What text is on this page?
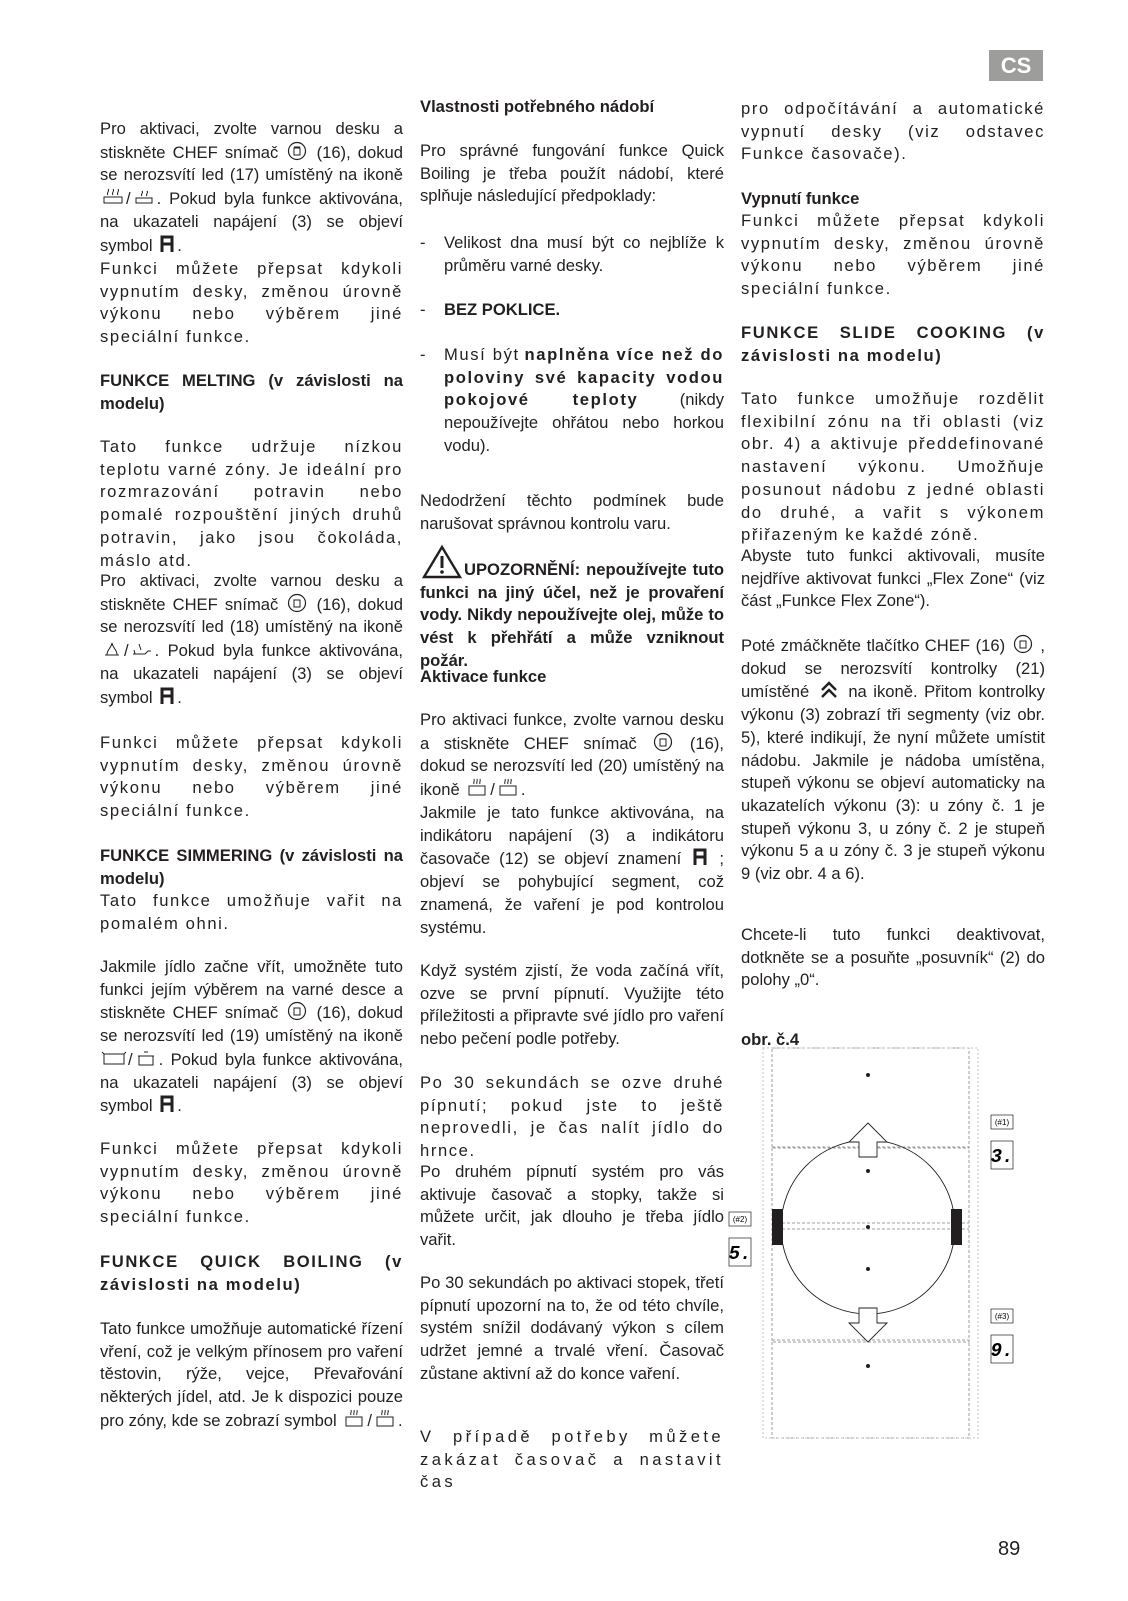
CS

Pro aktivaci, zvolte varnou desku a stiskněte CHEF snímač (16), dokud se nerozsvítí led (17) umístěný na ikoně / . Pokud byla funkce aktivována, na ukazateli napájení (3) se objeví symbol .

Funkci můžete přepsat kdykoli vypnutím desky, změnou úrovně výkonu nebo výběrem jiné speciální funkce.

FUNKCE MELTING (v závislosti na modelu)

Tato funkce udržuje nízkou teplotu varné zóny. Je ideální pro rozmrazování potravin nebo pomalé rozpouštění jiných druhů potravin, jako jsou čokoláda, máslo atd.

Pro aktivaci, zvolte varnou desku a stiskněte CHEF snímač (16), dokud se nerozsvítí led (18) umístěný na ikoně / . Pokud byla funkce aktivována, na ukazateli napájení (3) se objeví symbol .

Funkci můžete přepsat kdykoli vypnutím desky, změnou úrovně výkonu nebo výběrem jiné speciální funkce.

FUNKCE SIMMERING (v závislosti na modelu)

Tato funkce umožňuje vařit na pomalém ohni.

Jakmile jídlo začne vřít, umožněte tuto funkci jejím výběrem na varné desce a stiskněte CHEF snímač (16), dokud se nerozsvítí led (19) umístěný na ikoně / . Pokud byla funkce aktivována, na ukazateli napájení (3) se objeví symbol .

Funkci můžete přepsat kdykoli vypnutím desky, změnou úrovně výkonu nebo výběrem jiné speciální funkce.

FUNKCE QUICK BOILING (v závislosti na modelu)

Tato funkce umožňuje automatické řízení vření, což je velkým přínosem pro vaření těstovin, rýže, vejce, Převařování některých jídel, atd. Je k dispozici pouze pro zóny, kde se zobrazí symbol / .

Vlastnosti potřebného nádobí

Pro správné fungování funkce Quick Boiling je třeba použít nádobí, které splňuje následující předpoklady:

- Velikost dna musí být co nejblíže k průměru varné desky.
- BEZ POKLICE.
- Musí být naplněna více než do poloviny své kapacity vodou pokojové teploty (nikdy nepoužívejte ohřátou nebo horkou vodu).

Nedodržení těchto podmínek bude narušovat správnou kontrolu varu.

UPOZORNĚNÍ: nepoužívejte tuto funkci na jiný účel, než je provaření vody. Nikdy nepoužívejte olej, může to vést k přehřátí a může vzniknout požár.

Aktivace funkce

Pro aktivaci funkce, zvolte varnou desku a stiskněte CHEF snímač	(16), dokud se nerozsvítí led (20) umístěný na ikoně / .

Jakmile je tato funkce aktivována, na indikátoru napájení (3) a indikátoru časovače (12) se objeví znamení ; objeví se pohybující segment, což znamená, že vaření je pod kontrolou systému.

Když systém zjistí, že voda začíná vřít, ozve se první pípnutí. Využijte této příležitosti a připravte své jídlo pro vaření nebo pečení podle potřeby.

Po 30 sekundách se ozve druhé pípnutí; pokud jste to ještě neprovedli, je čas nalít jídlo do hrnce.

Po druhém pípnutí systém pro vás aktivuje časovač a stopky, takže si můžete určit, jak dlouho je třeba jídlo vařit.

Po 30 sekundách po aktivaci stopek, třetí pípnutí upozorní na to, že od této chvíle, systém snížil dodávaný výkon s cílem udržet jemné a trvalé vření. Časovač zůstane aktivní až do konce vaření.

V případě potřeby můžete zakázat časovač a nastavit čas

pro odpočítávání a automatické vypnutí desky (viz odstavec Funkce časovače).

Vypnutí funkce

Funkci můžete přepsat kdykoli vypnutím desky, změnou úrovně výkonu nebo výběrem jiné speciální funkce.

FUNKCE SLIDE COOKING (v závislosti na modelu)

Tato funkce umožňuje rozdělit flexibilní zónu na tři oblasti (viz obr. 4) a aktivuje předdefinované nastavení výkonu. Umožňuje posunout nádobu z jedné oblasti do druhé, a vařit s výkonem přiřazeným ke každé zóně.

Abyste tuto funkci aktivovali, musíte nejdříve aktivovat funkci „Flex Zone“ (viz část „Funkce Flex Zone“).

Poté zmáčkněte tlačítko CHEF (16) , dokud se nerozsvítí kontrolky (21) umístěné na ikoně. Přitom kontrolky výkonu (3) zobrazí tři segmenty (viz obr. 5), které indikují, že nyní můžete umístit nádobu. Jakmile je nádoba umístěna, stupeň výkonu se objeví automaticky na ukazatelích výkonu (3): u zóny č. 1 je stupeň výkonu 3, u zóny č. 2 je stupeň výkonu 5 a u zóny č. 3 je stupeň výkonu 9 (viz obr. 4 a 6).

Chcete-li tuto funkci deaktivovat, dotkněte se a posuňte „posuvník“ (2) do polohy „0“.

obr. č.4
(#1)
3.
(#2)
5.
(#3)
9.
89
